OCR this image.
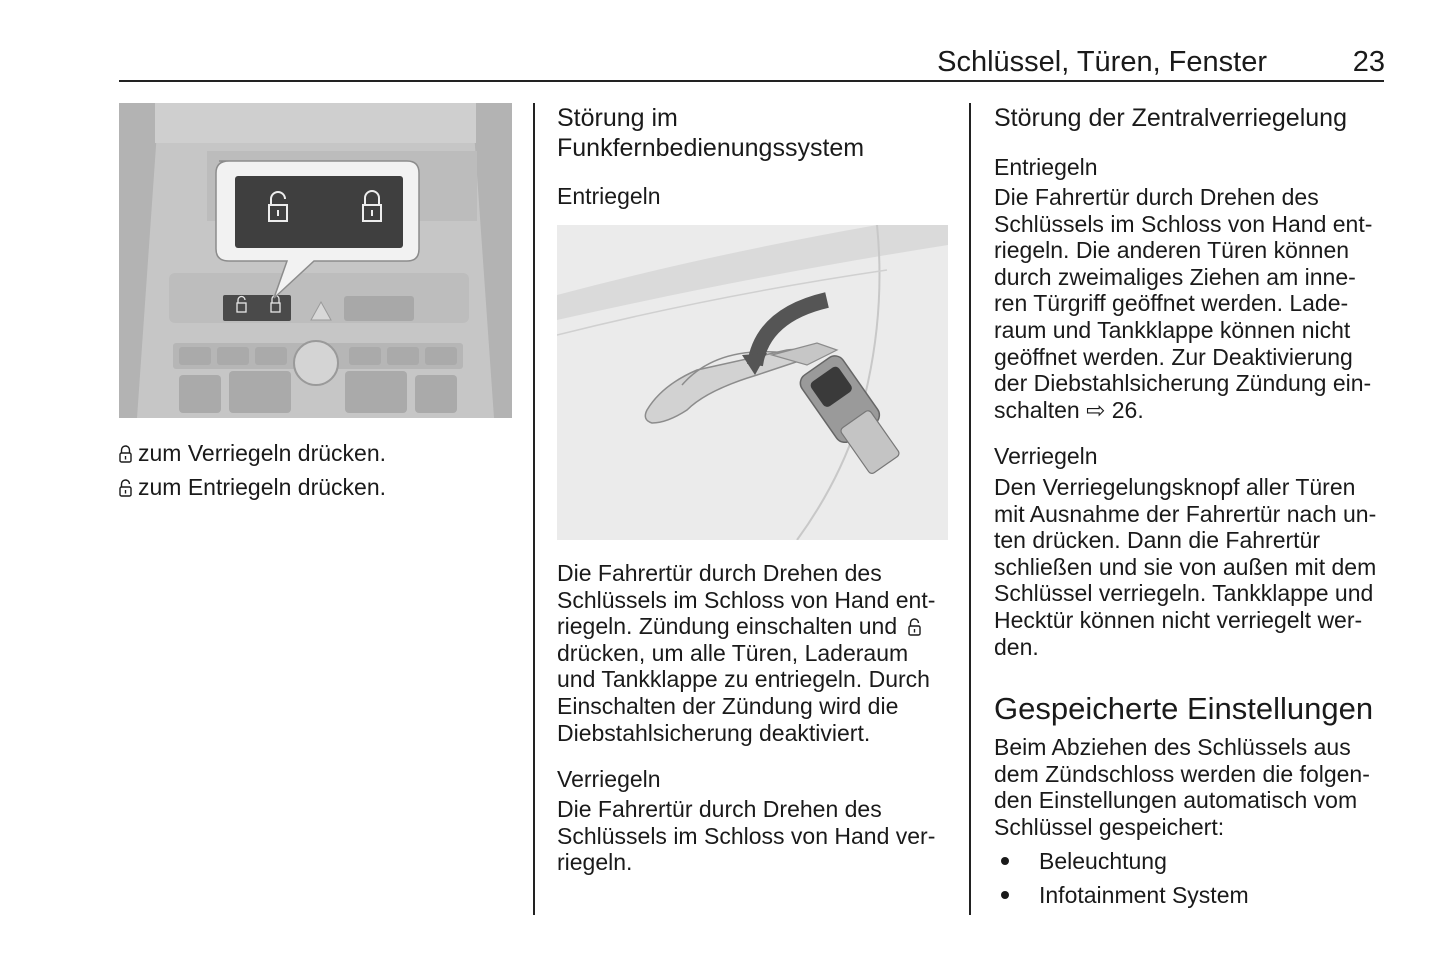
Schlüssel, Türen, Fenster	23
zum Verriegeln drücken.
zum Entriegeln drücken.
Störung im Funkfernbedienungssystem
Entriegeln

Die Fahrertür durch Drehen des Schlüssels im Schloss von Hand ent- riegeln. Zündung einschalten und  drücken, um alle Türen, Laderaum und Tankklappe zu entriegeln. Durch Einschalten der Zündung wird die Diebstahlsicherung deaktiviert.

Verriegeln

Die Fahrertür durch Drehen des Schlüssels im Schloss von Hand ver- riegeln.

Störung der Zentralverriegelung
Entriegeln

Die Fahrertür durch Drehen des Schlüssels im Schloss von Hand ent- riegeln. Die anderen Türen können durch zweimaliges Ziehen am inne- ren Türgriff geöffnet werden. Lade- raum und Tankklappe können nicht geöffnet werden. Zur Deaktivierung der Diebstahlsicherung Zündung ein- schalten ⇨ 26.

Verriegeln

Den Verriegelungsknopf aller Türen mit Ausnahme der Fahrertür nach un- ten drücken. Dann die Fahrertür schließen und sie von außen mit dem Schlüssel verriegeln. Tankklappe und Hecktür können nicht verriegelt wer- den.

Gespeicherte Einstellungen

Beim Abziehen des Schlüssels aus dem Zündschloss werden die folgen- den Einstellungen automatisch vom Schlüssel gespeichert:

Beleuchtung
Infotainment System
